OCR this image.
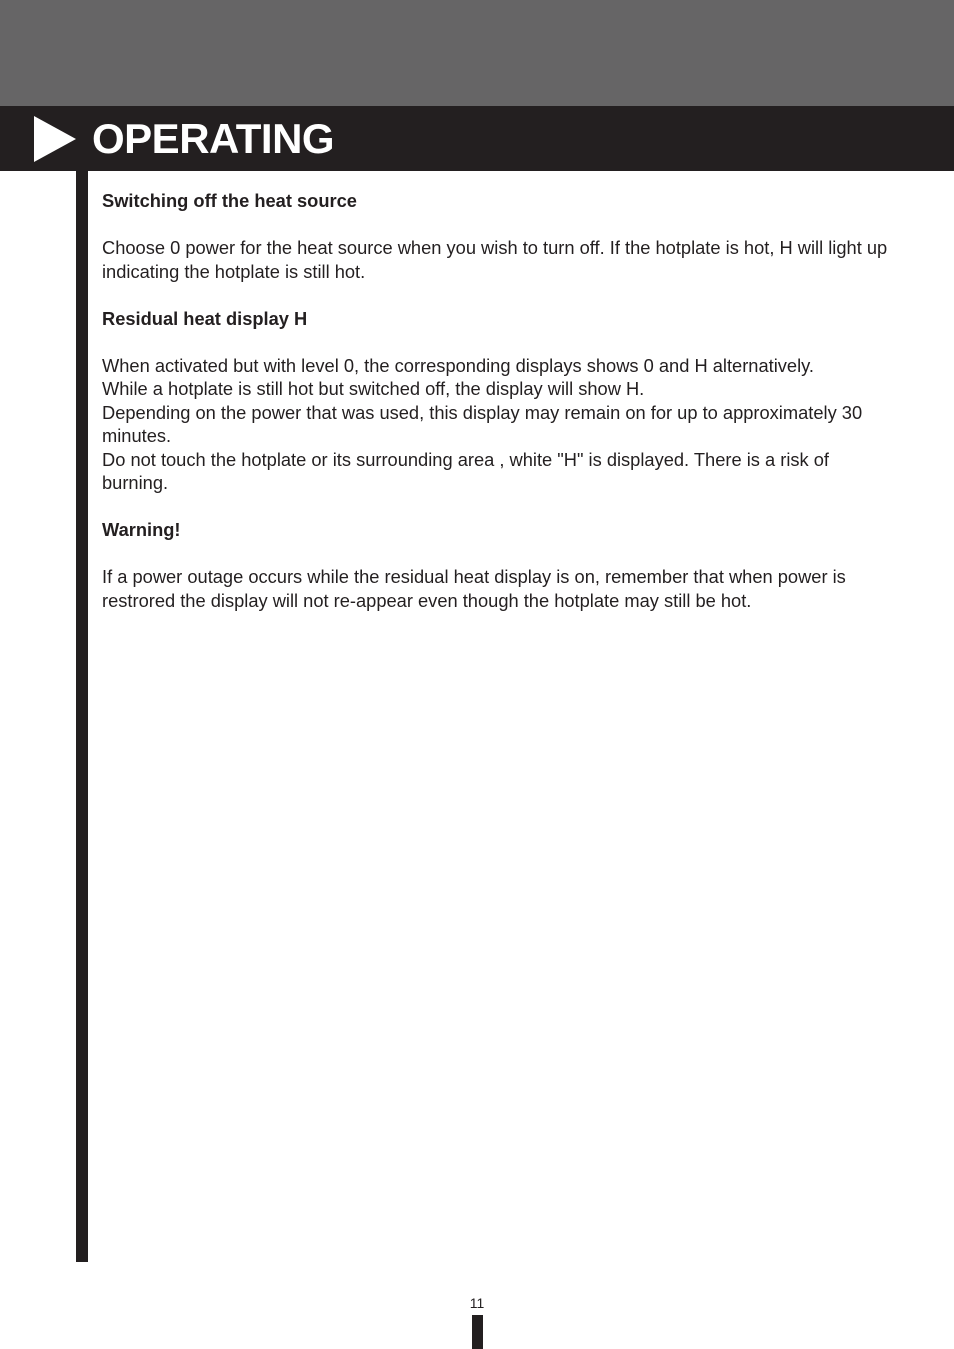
OPERATING

Switching off the heat source

Choose 0 power for the heat source when you wish to turn off. If the hotplate is hot, H will light up indicating the hotplate is still hot.

Residual heat display H

When activated but with level 0, the corresponding displays shows 0 and H alternatively.
While a hotplate is still hot but switched off, the display will show H.
Depending on the power that was used, this display may remain on for up to approximately 30 minutes.
Do not touch the hotplate or its surrounding area , white "H" is displayed. There is a risk of burning.

Warning!

If a power outage occurs while the residual heat display is on, remember that when power is restrored the display will not re-appear even though the hotplate may still be hot.

11
